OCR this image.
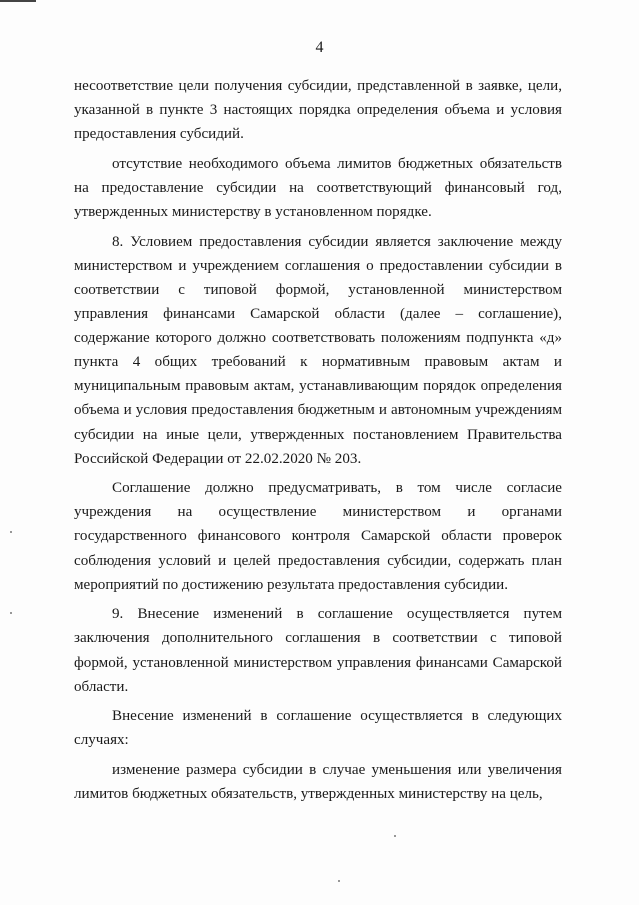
4

несоответствие цели получения субсидии, представленной в заявке, цели, указанной в пункте 3 настоящих порядка определения объема и условия предоставления субсидий.

отсутствие необходимого объема лимитов бюджетных обязательств на предоставление субсидии на соответствующий финансовый год, утвержденных министерству в установленном порядке.

8. Условием предоставления субсидии является заключение между министерством и учреждением соглашения о предоставлении субсидии в соответствии с типовой формой, установленной министерством управления финансами Самарской области (далее – соглашение), содержание которого должно соответствовать положениям подпункта «д» пункта 4 общих требований к нормативным правовым актам и муниципальным правовым актам, устанавливающим порядок определения объема и условия предоставления бюджетным и автономным учреждениям субсидии на иные цели, утвержденных постановлением Правительства Российской Федерации от 22.02.2020 № 203.

Соглашение должно предусматривать, в том числе согласие учреждения на осуществление министерством и органами государственного финансового контроля Самарской области проверок соблюдения условий и целей предоставления субсидии, содержать план мероприятий по достижению результата предоставления субсидии.

9. Внесение изменений в соглашение осуществляется путем заключения дополнительного соглашения в соответствии с типовой формой, установленной министерством управления финансами Самарской области.

Внесение изменений в соглашение осуществляется в следующих случаях:

изменение размера субсидии в случае уменьшения или увеличения лимитов бюджетных обязательств, утвержденных министерству на цель,
